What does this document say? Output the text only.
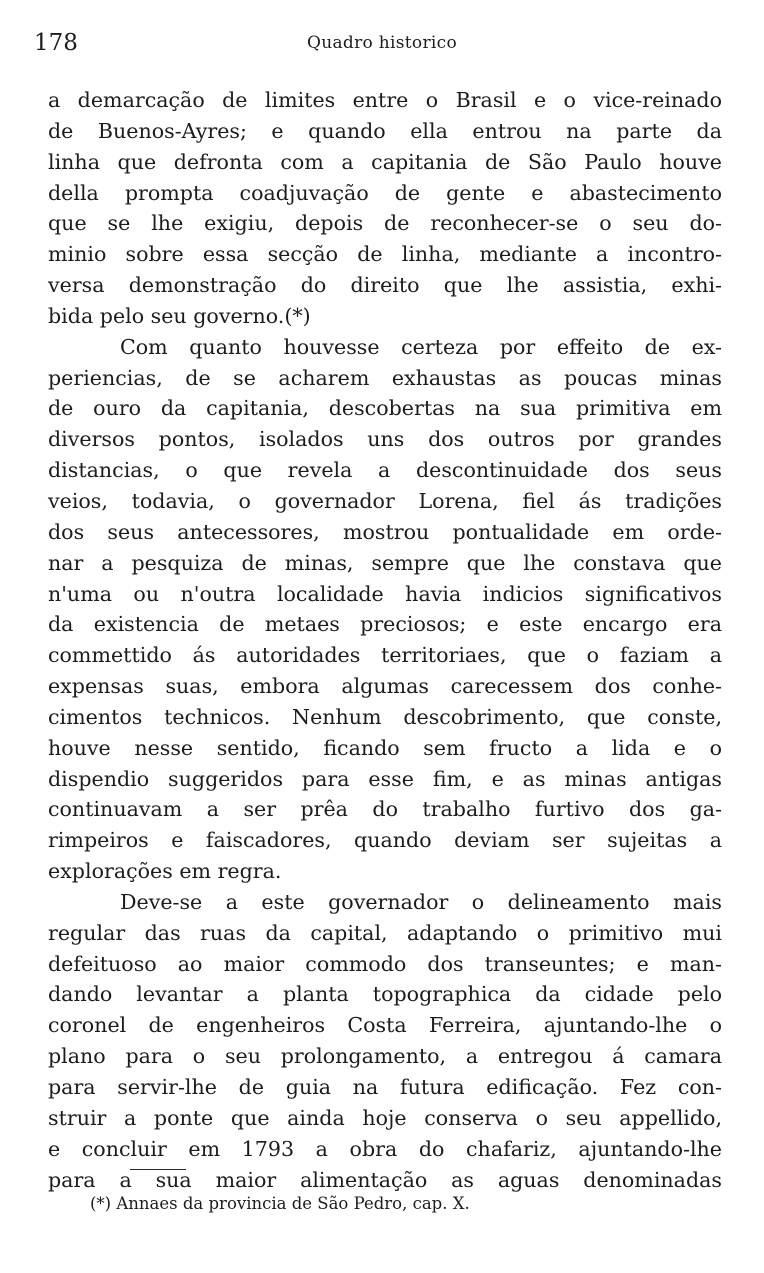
178	Quadro historico
a demarcação de limites entre o Brasil e o vice-reinado
de Buenos-Ayres; e quando ella entrou na parte da
linha que defronta com a capitania de São Paulo houve
della prompta coadjuvação de gente e abastecimento
que se lhe exigiu, depois de reconhecer-se o seu do-
minio sobre essa secção de linha, mediante a incontro-
versa demonstração do direito que lhe assistia, exhi-
bida pelo seu governo.(*)
Com quanto houvesse certeza por effeito de ex-
periencias, de se acharem exhaustas as poucas minas
de ouro da capitania, descobertas na sua primitiva em
diversos pontos, isolados uns dos outros por grandes
distancias, o que revela a descontinuidade dos seus
veios, todavia, o governador Lorena, fiel ás tradições
dos seus antecessores, mostrou pontualidade em orde-
nar a pesquiza de minas, sempre que lhe constava que
n'uma ou n'outra localidade havia indicios significativos
da existencia de metaes preciosos; e este encargo era
commettido ás autoridades territoriaes, que o faziam a
expensas suas, embora algumas carecessem dos conhe-
cimentos technicos. Nenhum descobrimento, que conste,
houve nesse sentido, ficando sem fructo a lida e o
dispendio suggeridos para esse fim, e as minas antigas
continuavam a ser prêa do trabalho furtivo dos ga-
rimpeiros e faiscadores, quando deviam ser sujeitas a
explorações em regra.
Deve-se a este governador o delineamento mais
regular das ruas da capital, adaptando o primitivo mui
defeituoso ao maior commodo dos transeuntes; e man-
dando levantar a planta topographica da cidade pelo
coronel de engenheiros Costa Ferreira, ajuntando-lhe o
plano para o seu prolongamento, a entregou á camara
para servir-lhe de guia na futura edificação. Fez con-
struir a ponte que ainda hoje conserva o seu appellido,
e concluir em 1793 a obra do chafariz, ajuntando-lhe
para a sua maior alimentação as aguas denominadas
(*) Annaes da provincia de São Pedro, cap. X.
